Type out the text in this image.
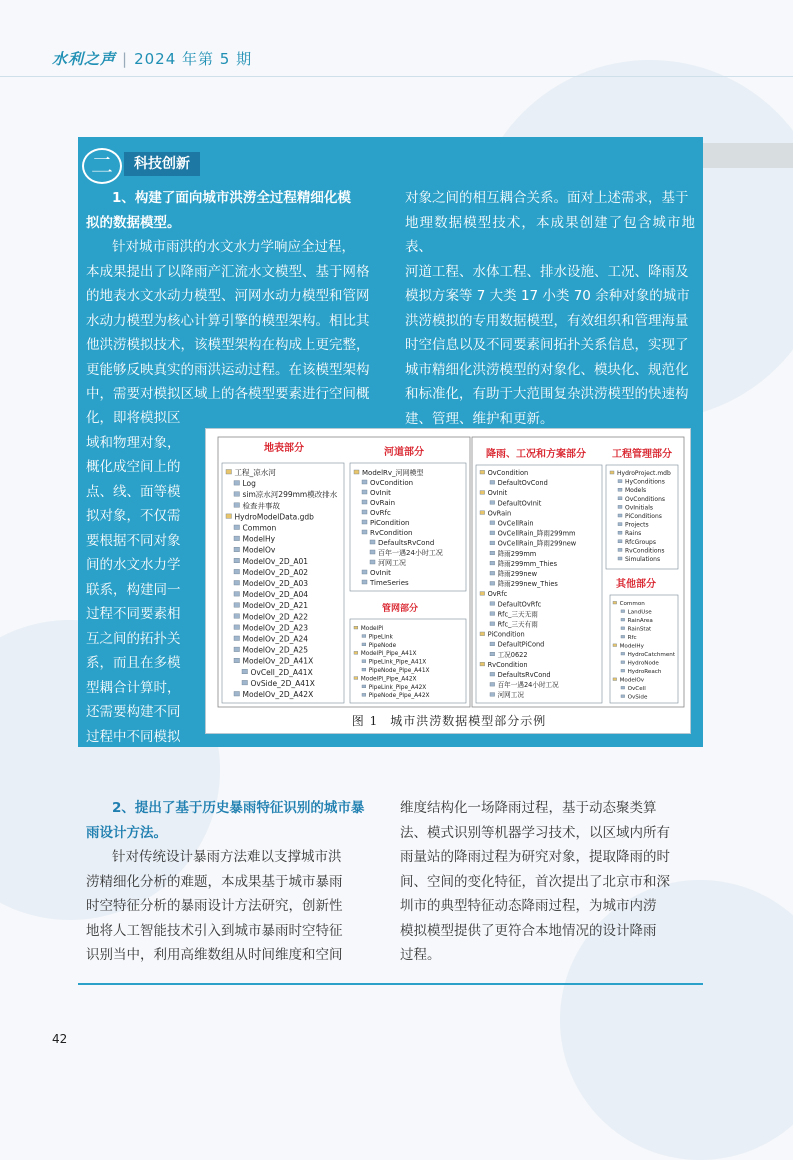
水利之声 | 2024 年第 5 期
二	科技创新

1、构建了面向城市洪涝全过程精细化模

拟的数据模型。

针对城市雨洪的水文水力学响应全过程，

本成果提出了以降雨产汇流水文模型、基于网格

的地表水文水动力模型、河网水动力模型和管网

水动力模型为核心计算引擎的模型架构。相比其

他洪涝模拟技术，该模型架构在构成上更完整，

更能够反映真实的雨洪运动过程。在该模型架构

中，需要对模拟区域上的各模型要素进行空间概

化，即将模拟区

域和物理对象，

概化成空间上的

点、线、面等模

拟对象，不仅需

要根据不同对象

间的水文水力学

联系，构建同一

过程不同要素相

互之间的拓扑关

系，而且在多模

型耦合计算时，

还需要构建不同

过程中不同模拟

对象之间的相互耦合关系。面对上述需求，基于

地理数据模型技术，本成果创建了包含城市地表、

河道工程、水体工程、排水设施、工况、降雨及

模拟方案等 7 大类 17 小类 70 余种对象的城市

洪涝模拟的专用数据模型，有效组织和管理海量

时空信息以及不同要素间拓扑关系信息，实现了

城市精细化洪涝模型的对象化、模块化、规范化

和标准化，有助于大范围复杂洪涝模型的快速构

建、管理、维护和更新。

地表部分	河道部分
管网部分
降雨、工况和方案部分	工程管理部分
其他部分
工程_凉水河
Log
sim凉水河299mm模改排水
检查井事故
HydroModelData.gdb
Common
ModelHy
ModelOv
ModelOv_2D_A01
ModelOv_2D_A02
ModelOv_2D_A03
ModelOv_2D_A04
ModelOv_2D_A21
ModelOv_2D_A22
ModelOv_2D_A23
ModelOv_2D_A24
ModelOv_2D_A25
ModelOv_2D_A41X
OvCell_2D_A41X
OvSide_2D_A41X
ModelOv_2D_A42X
ModelRv_河网模型
OvCondition
OvInit
OvRain
OvRfc
PiCondition
RvCondition
DefaultsRvCond
百年一遇24小时工况
河网工况
OvInit
TimeSeries
ModelPi
PipeLink
PipeNode
ModelPi_Pipe_A41X
PipeLink_Pipe_A41X
PipeNode_Pipe_A41X
ModelPi_Pipe_A42X
PipeLink_Pipe_A42X
PipeNode_Pipe_A42X
OvCondition
DefaultOvCond
OvInit
DefaultOvInit
OvRain
OvCellRain
OvCellRain_降雨299mm
OvCellRain_降雨299new
降雨299mm
降雨299mm_Thies
降雨299new
降雨299new_Thies
OvRfc
DefaultOvRfc
Rfc_三天无雨
Rfc_三天有雨
PiCondition
DefaultPiCond
工况0622
RvCondition
DefaultsRvCond
百年一遇24小时工况
河网工况
HydroProject.mdb
HyConditions
Models
OvConditions
OvInitials
PiConditions
Projects
Rains
RfcGroups
RvConditions
Simulations
Common
LandUse
RainArea
RainStat
Rfc
ModelHy
HydroCatchment
HydroNode
HydroReach
ModelOv
OvCell
OvSide
图 1 城市洪涝数据模型部分示例

2、提出了基于历史暴雨特征识别的城市暴

雨设计方法。

针对传统设计暴雨方法难以支撑城市洪

涝精细化分析的难题，本成果基于城市暴雨

时空特征分析的暴雨设计方法研究，创新性

地将人工智能技术引入到城市暴雨时空特征

识别当中，利用高维数组从时间维度和空间

维度结构化一场降雨过程，基于动态聚类算

法、模式识别等机器学习技术，以区域内所有

雨量站的降雨过程为研究对象，提取降雨的时

间、空间的变化特征，首次提出了北京市和深

圳市的典型特征动态降雨过程，为城市内涝

模拟模型提供了更符合本地情况的设计降雨

过程。

42
